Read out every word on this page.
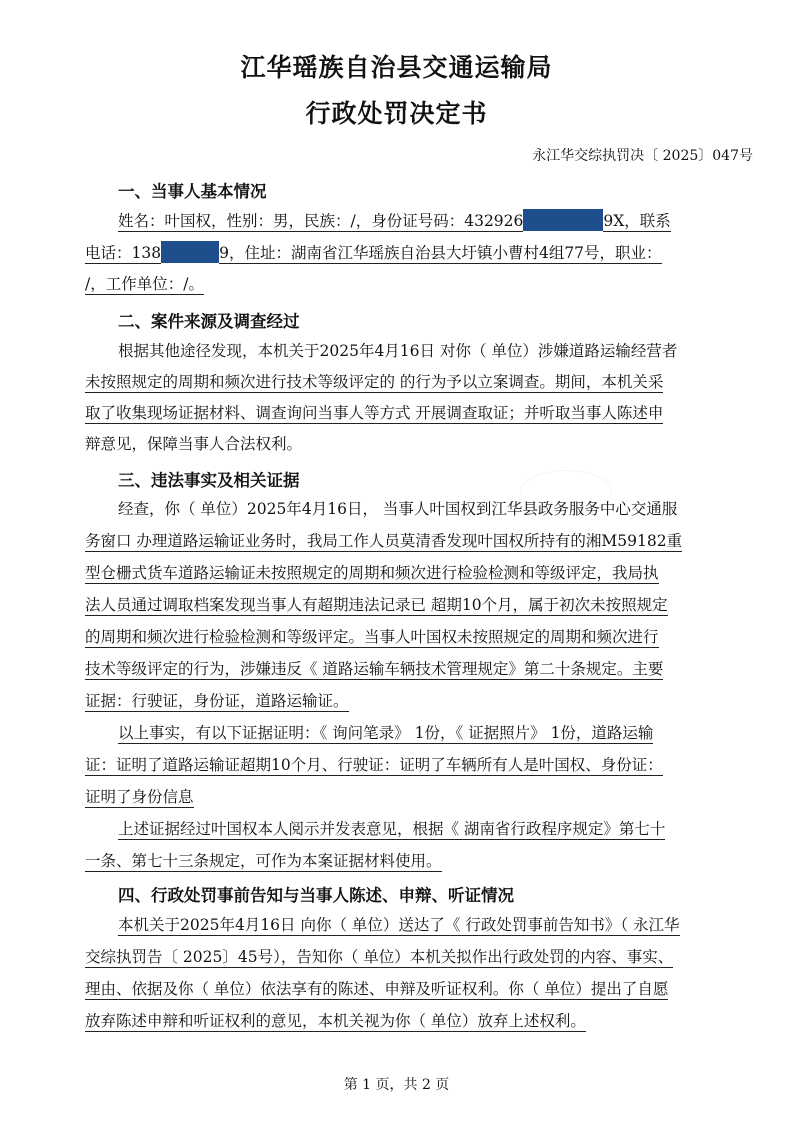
江华瑶族自治县交通运输局
行政处罚决定书
永江华交综执罚决〔 2025〕047号
一、当事人基本情况
姓名：叶国权，性别：男，民族：/，身份证号码：432926	9X，联系
电话：138	9，住址：湖南省江华瑶族自治县大圩镇小曹村4组77号，职业：
/，工作单位：/。
二、案件来源及调查经过
根据其他途径发现，本机关于2025年4月16日 对你（ 单位）涉嫌道路运输经营者
未按照规定的周期和频次进行技术等级评定的 的行为予以立案调查。期间，本机关采
取了收集现场证据材料、调查询问当事人等方式 开展调查取证；并听取当事人陈述申
辩意见，保障当事人合法权利。
三、违法事实及相关证据
经查，你（ 单位）2025年4月16日， 当事人叶国权到江华县政务服务中心交通服
务窗口 办理道路运输证业务时，我局工作人员莫清香发现叶国权所持有的湘M59182重
型仓栅式货车道路运输证未按照规定的周期和频次进行检验检测和等级评定，我局执
法人员通过调取档案发现当事人有超期违法记录已 超期10个月，属于初次未按照规定
的周期和频次进行检验检测和等级评定。当事人叶国权未按照规定的周期和频次进行
技术等级评定的行为，涉嫌违反《 道路运输车辆技术管理规定》第二十条规定。主要
证据：行驶证，身份证，道路运输证。
以上事实，有以下证据证明：《 询问笔录》 1份，《 证据照片》 1份，道路运输
证：证明了道路运输证超期10个月、行驶证：证明了车辆所有人是叶国权、身份证：
证明了身份信息
上述证据经过叶国权本人阅示并发表意见，根据《 湖南省行政程序规定》第七十
一条、第七十三条规定，可作为本案证据材料使用。
四、行政处罚事前告知与当事人陈述、申辩、听证情况
本机关于2025年4月16日 向你（ 单位）送达了《 行政处罚事前告知书》（ 永江华
交综执罚告〔 2025〕45号），告知你（ 单位）本机关拟作出行政处罚的内容、事实、
理由、依据及你（ 单位）依法享有的陈述、申辩及听证权利。你（ 单位）提出了自愿
放弃陈述申辩和听证权利的意见，本机关视为你（ 单位）放弃上述权利。
第 1 页，共 2 页
